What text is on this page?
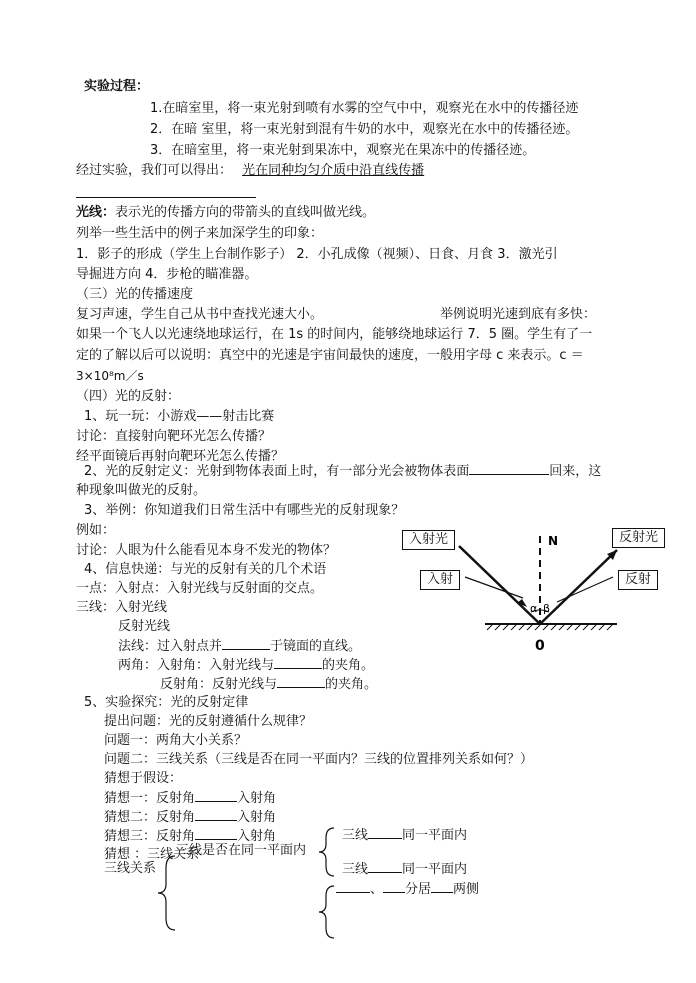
实验过程：
1.在暗室里，将一束光射到喷有水雾的空气中中，观察光在水中的传播径迹
2．在暗 室里，将一束光射到混有牛奶的水中，观察光在水中的传播径迹。
3．在暗室里，将一束光射到果冻中，观察光在果冻中的传播径迹。
经过实验，我们可以得出： 光在同种均匀介质中沿直线传播
光线：表示光的传播方向的带箭头的直线叫做光线。
列举一些生活中的例子来加深学生的印象：
1．影子的形成（学生上台制作影子） 2．小孔成像（视频）、日食、月食 3．激光引
导掘进方向 4．步枪的瞄准器。
（三）光的传播速度
复习声速，学生自己从书中查找光速大小。	举例说明光速到底有多快：
如果一个飞人以光速绕地球运行，在 1s 的时间内，能够绕地球运行 7．5 圈。学生有了一
定的了解以后可以说明：真空中的光速是宇宙间最快的速度，一般用字母 c 来表示。c ＝
3×10⁸m／s
（四）光的反射：
1、玩一玩：小游戏——射击比赛
讨论：直接射向靶环光怎么传播？
经平面镜后再射向靶环光怎么传播？
2、光的反射定义：光射到物体表面上时，有一部分光会被物体表面	回来，这
种现象叫做光的反射。
3、举例：你知道我们日常生活中有哪些光的反射现象？
例如：
讨论：人眼为什么能看见本身不发光的物体？
4、信息快递：与光的反射有关的几个术语
一点：入射点：入射光线与反射面的交点。
三线：入射光线
反射光线
法线：过入射点并	于镜面的直线。
两角：入射角：入射光线与	的夹角。
反射角：反射光线与	的夹角。
5、实验探究：光的反射定律
提出问题：光的反射遵循什么规律？
问题一：两角大小关系？
问题二：三线关系（三线是否在同一平面内？三线的位置排列关系如何？）
猜想于假设：
猜想一：反射角	入射角
猜想二：反射角	入射角
猜想三：反射角	入射角
猜想 ：三线关系
三线关系
三线是否在同一平面内
三线	同一平面内
三线	同一平面内
、 分居 两侧
N
α β
0
入射光	反射光
入射	反射
